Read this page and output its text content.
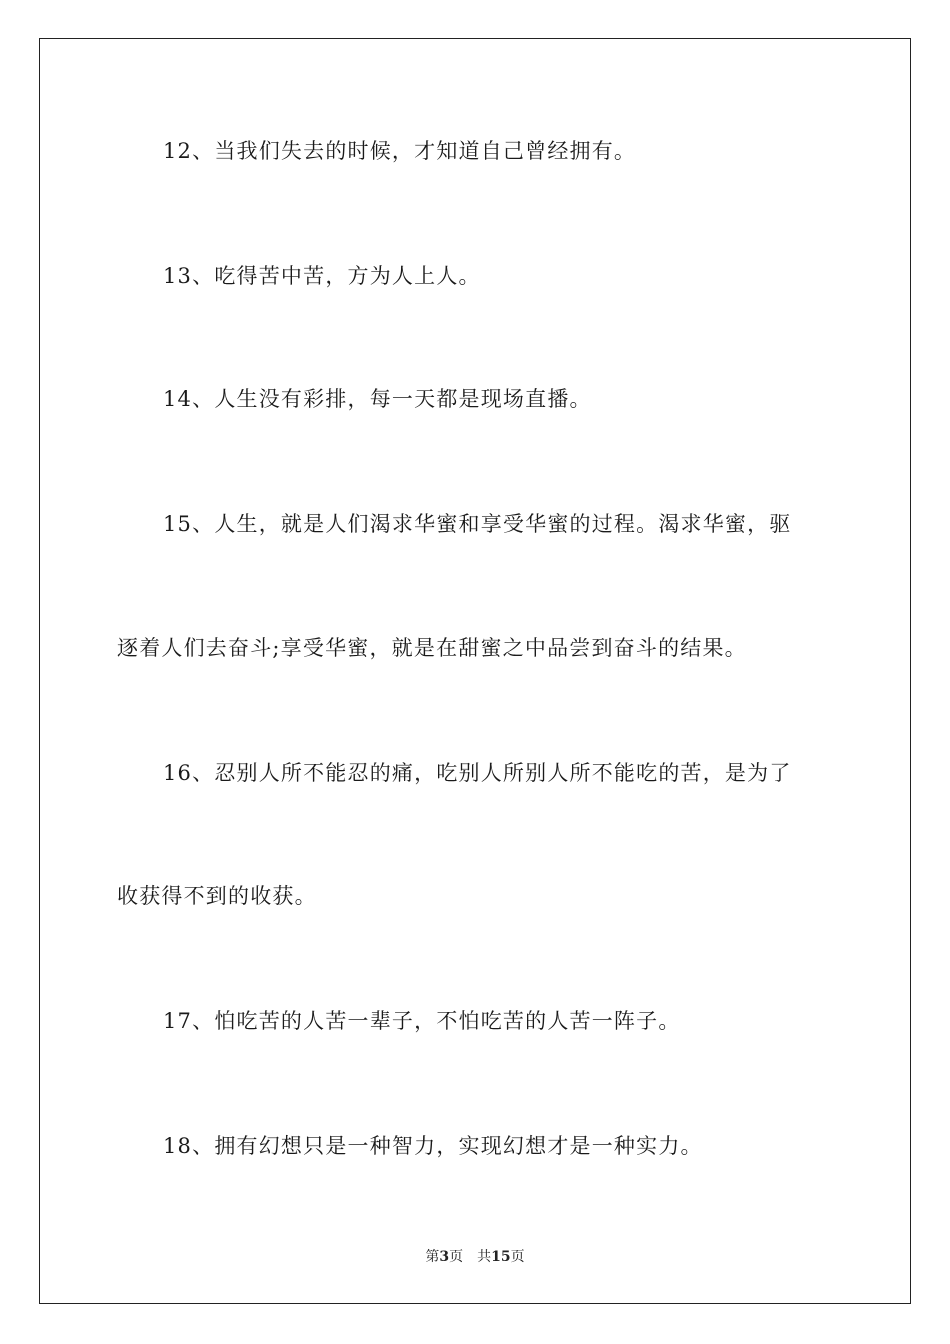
12、当我们失去的时候，才知道自己曾经拥有。
13、吃得苦中苦，方为人上人。
14、人生没有彩排，每一天都是现场直播。
15、人生，就是人们渴求华蜜和享受华蜜的过程。渴求华蜜，驱
逐着人们去奋斗;享受华蜜，就是在甜蜜之中品尝到奋斗的结果。
16、忍别人所不能忍的痛，吃别人所别人所不能吃的苦，是为了
收获得不到的收获。
17、怕吃苦的人苦一辈子，不怕吃苦的人苦一阵子。
18、拥有幻想只是一种智力，实现幻想才是一种实力。
第3页 共15页
